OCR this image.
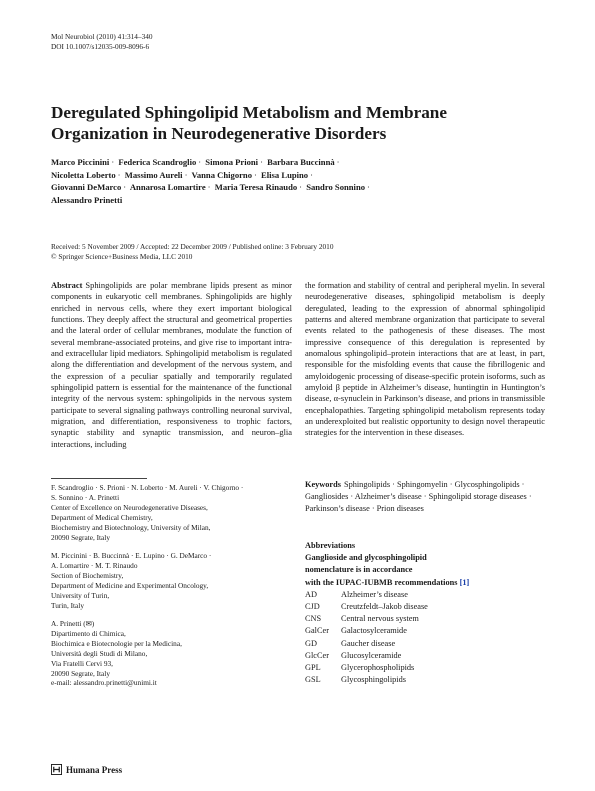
Mol Neurobiol (2010) 41:314–340
DOI 10.1007/s12035-009-8096-6
Deregulated Sphingolipid Metabolism and Membrane
Organization in Neurodegenerative Disorders
Marco Piccinini · Federica Scandroglio · Simona Prioni · Barbara Buccinnà ·
Nicoletta Loberto · Massimo Aureli · Vanna Chigorno · Elisa Lupino ·
Giovanni DeMarco · Annarosa Lomartire · Maria Teresa Rinaudo · Sandro Sonnino ·
Alessandro Prinetti
Received: 5 November 2009 / Accepted: 22 December 2009 / Published online: 3 February 2010
© Springer Science+Business Media, LLC 2010

Abstract Sphingolipids are polar membrane lipids present as minor components in eukaryotic cell membranes. Sphingolipids are highly enriched in nervous cells, where they exert important biological functions. They deeply affect the structural and geometrical properties and the lateral order of cellular membranes, modulate the function of several membrane-associated proteins, and give rise to important intra- and extracellular lipid mediators. Sphingolipid metabolism is regulated along the differentiation and development of the nervous system, and the expression of a peculiar spatially and temporarily regulated sphingolipid pattern is essential for the maintenance of the functional integrity of the nervous system: sphingolipids in the nervous system participate to several signaling pathways controlling neuronal survival, migration, and differentiation, responsiveness to trophic factors, synaptic stability and synaptic transmission, and neuron–glia interactions, including

the formation and stability of central and peripheral myelin. In several neurodegenerative diseases, sphingolipid metabolism is deeply deregulated, leading to the expression of abnormal sphingolipid patterns and altered membrane organization that participate to several events related to the pathogenesis of these diseases. The most impressive consequence of this deregulation is represented by anomalous sphingolipid–protein interactions that are at least, in part, responsible for the misfolding events that cause the fibrillogenic and amyloidogenic processing of disease-specific protein isoforms, such as amyloid β peptide in Alzheimer’s disease, huntingtin in Huntington’s disease, α-synuclein in Parkinson’s disease, and prions in transmissible encephalopathies. Targeting sphingolipid metabolism represents today an underexploited but realistic opportunity to design novel therapeutic strategies for the intervention in these diseases.

F. Scandroglio · S. Prioni · N. Loberto · M. Aureli · V. Chigorno ·
S. Sonnino · A. Prinetti
Center of Excellence on Neurodegenerative Diseases,
Department of Medical Chemistry,
Biochemistry and Biotechnology, University of Milan,
20090 Segrate, Italy
M. Piccinini · B. Buccinnà · E. Lupino · G. DeMarco ·
A. Lomartire · M. T. Rinaudo
Section of Biochemistry,
Department of Medicine and Experimental Oncology,
University of Turin,
Turin, Italy
A. Prinetti (✉)
Dipartimento di Chimica,
Biochimica e Biotecnologie per la Medicina,
Università degli Studi di Milano,
Via Fratelli Cervi 93,
20090 Segrate, Italy
e-mail: alessandro.prinetti@unimi.it
Keywords Sphingolipids · Sphingomyelin · Glycosphingolipids · Gangliosides · Alzheimer’s disease · Sphingolipid storage diseases · Parkinson’s disease · Prion diseases
Abbreviations
Ganglioside and glycosphingolipid
nomenclature is in accordance
with the IUPAC-IUBMB recommendations [1]
AD	Alzheimer’s disease
CJD	Creutzfeldt–Jakob disease
CNS	Central nervous system
GalCer	Galactosylceramide
GD	Gaucher disease
GlcCer	Glucosylceramide
GPL	Glycerophospholipids
GSL	Glycosphingolipids
Humana Press
